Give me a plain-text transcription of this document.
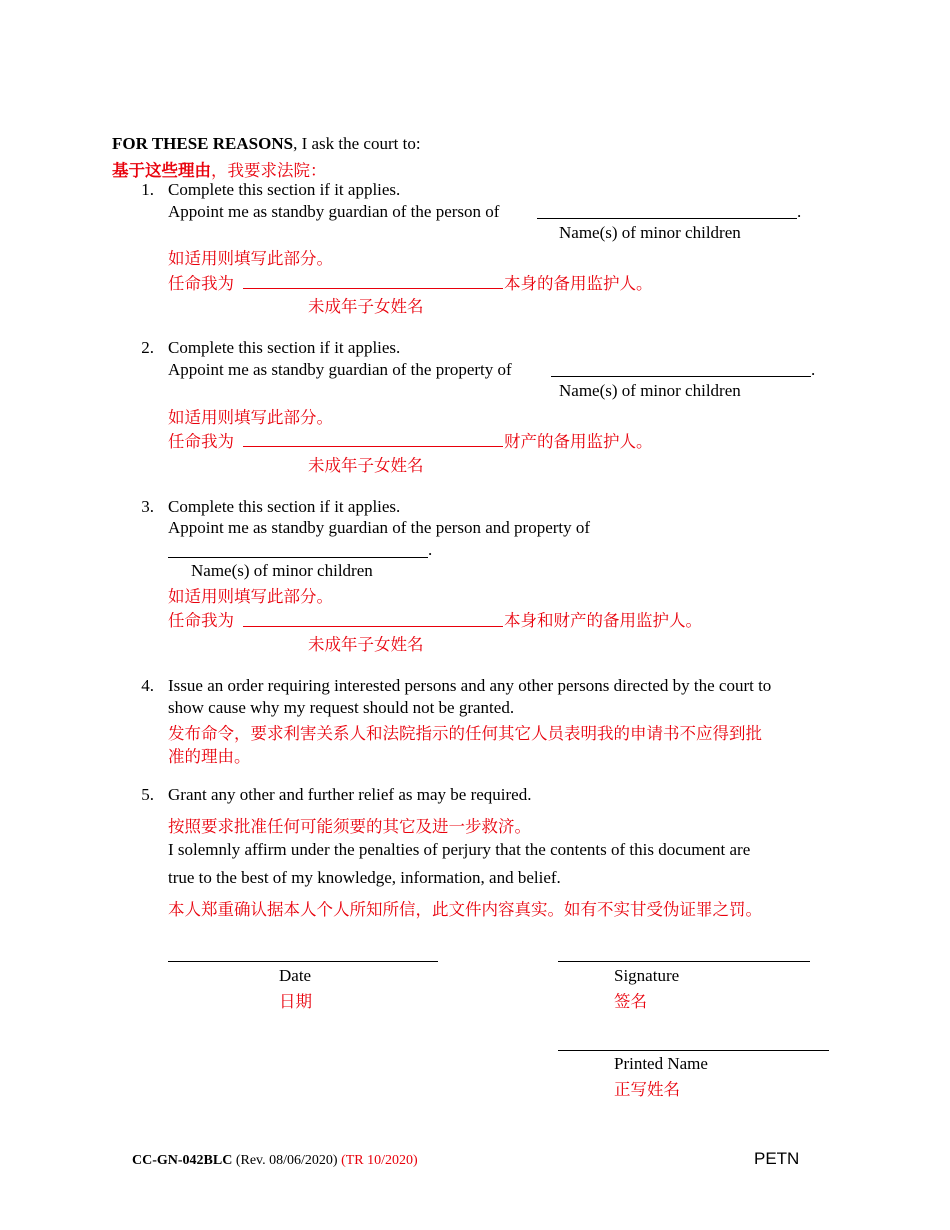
FOR THESE REASONS, I ask the court to:
基于这些理由，我要求法院：
1. Complete this section if it applies.
Appoint me as standby guardian of the person of	.
Name(s) of minor children
如适用则填写此部分。
任命我为	本身的备用监护人。
未成年子女姓名
2. Complete this section if it applies.
Appoint me as standby guardian of the property of	.
Name(s) of minor children
如适用则填写此部分。
任命我为	财产的备用监护人。
未成年子女姓名
3. Complete this section if it applies.
Appoint me as standby guardian of the person and property of
.
Name(s) of minor children
如适用则填写此部分。
任命我为	本身和财产的备用监护人。
未成年子女姓名
4. Issue an order requiring interested persons and any other persons directed by the court to
show cause why my request should not be granted.
发布命令，要求利害关系人和法院指示的任何其它人员表明我的申请书不应得到批
准的理由。
5. Grant any other and further relief as may be required.
按照要求批准任何可能须要的其它及进一步救济。
I solemnly affirm under the penalties of perjury that the contents of this document are
true to the best of my knowledge, information, and belief.
本人郑重确认据本人个人所知所信，此文件内容真实。如有不实甘受伪证罪之罚。
Date
日期
Signature
签名
Printed Name
正写姓名
CC-GN-042BLC (Rev. 08/06/2020) (TR 10/2020)	PETN
